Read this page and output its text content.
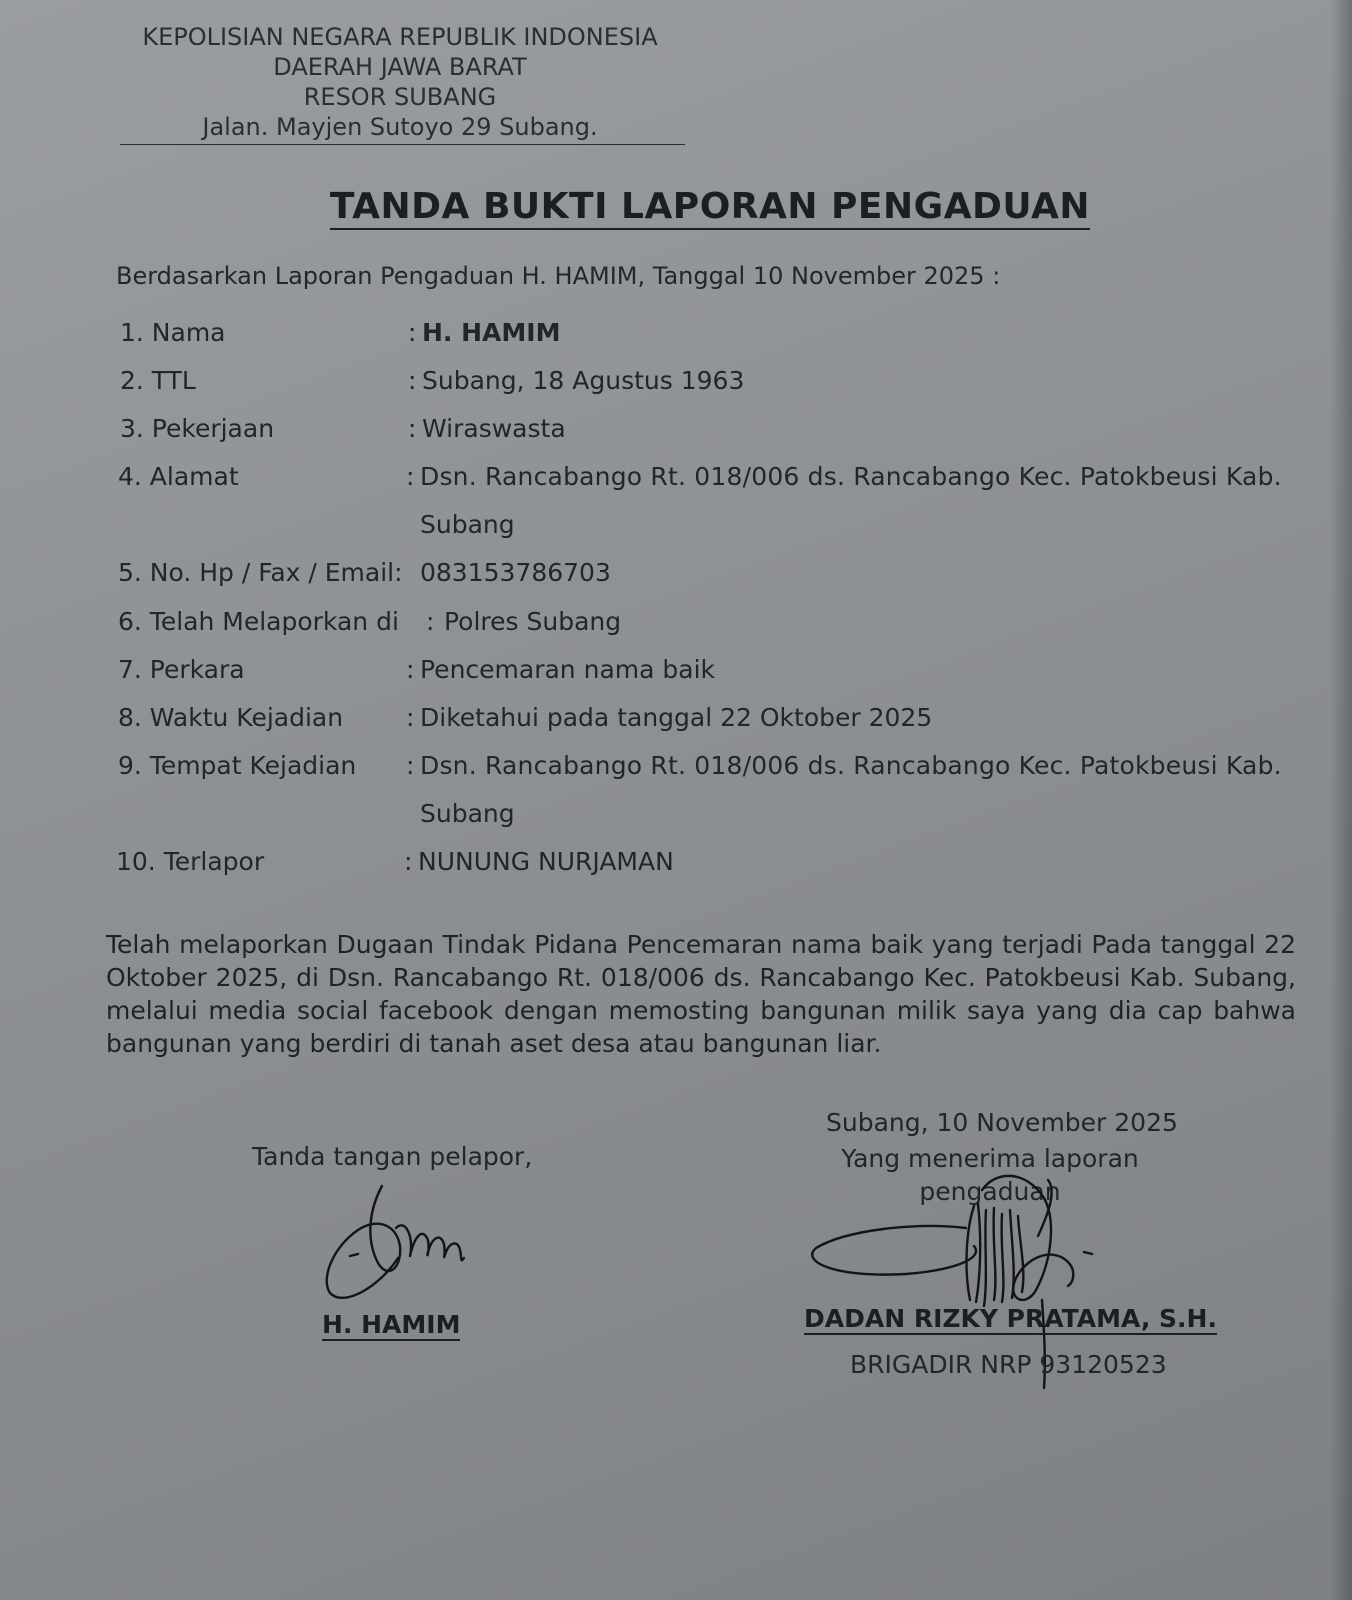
KEPOLISIAN NEGARA REPUBLIK INDONESIA
DAERAH JAWA BARAT
RESOR SUBANG
Jalan. Mayjen Sutoyo 29 Subang.
TANDA BUKTI LAPORAN PENGADUAN
Berdasarkan Laporan Pengaduan H. HAMIM, Tanggal 10 November 2025 :
1. Nama	: H. HAMIM
2. TTL	: Subang, 18 Agustus 1963
3. Pekerjaan	: Wiraswasta
4. Alamat	: Dsn. Rancabango Rt. 018/006 ds. Rancabango Kec. Patokbeusi Kab.
Subang
5. No. Hp / Fax / Email: 083153786703
6. Telah Melaporkan di : Polres Subang
7. Perkara	: Pencemaran nama baik
8. Waktu Kejadian	: Diketahui pada tanggal 22 Oktober 2025
9. Tempat Kejadian : Dsn. Rancabango Rt. 018/006 ds. Rancabango Kec. Patokbeusi Kab.
Subang
10. Terlapor	: NUNUNG NURJAMAN
Telah melaporkan Dugaan Tindak Pidana Pencemaran nama baik yang terjadi Pada tanggal 22 Oktober 2025, di Dsn. Rancabango Rt. 018/006 ds. Rancabango Kec. Patokbeusi Kab. Subang, melalui media social facebook dengan memosting bangunan milik saya yang dia cap bahwa bangunan yang berdiri di tanah aset desa atau bangunan liar.
Subang, 10 November 2025
Tanda tangan pelapor,	Yang menerima laporan
pengaduan
H. HAMIM	DADAN RIZKY PRATAMA, S.H.
BRIGADIR NRP 93120523
